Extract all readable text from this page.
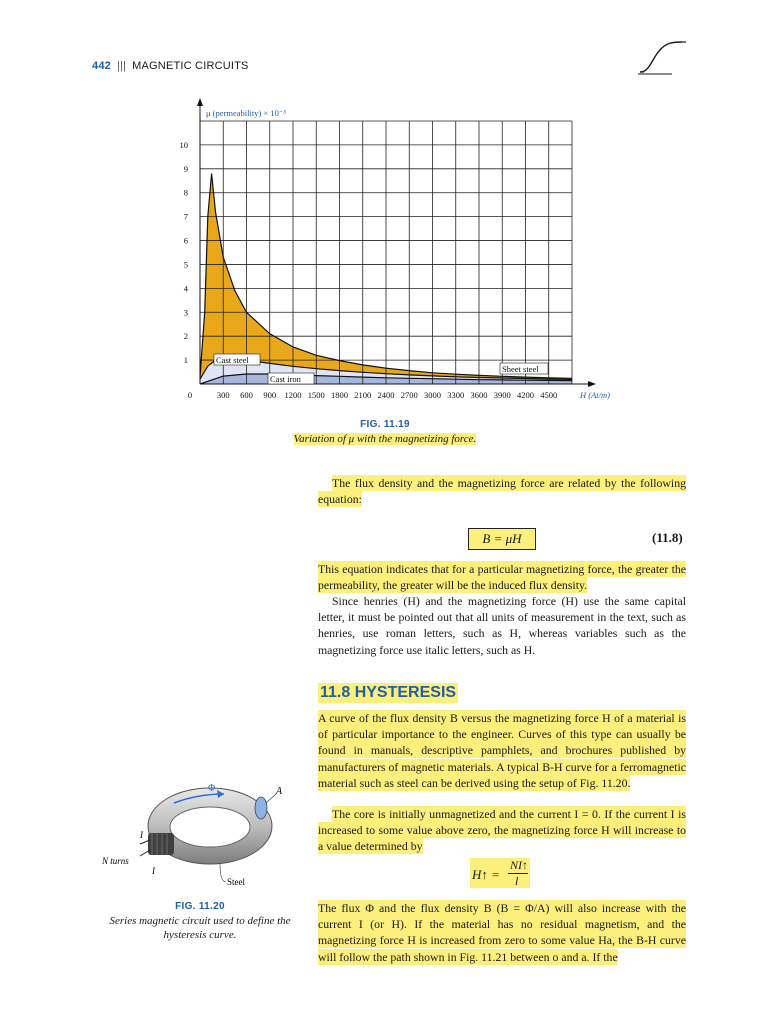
442 ||| MAGNETIC CIRCUITS
300 600 900 1200 1500 1800 2100 2400 2700 3000 3300 3600 3900 4200 4500
1
2
3
4
5
6
7
8
9
10
0	H (At/m)
μ (permeability) × 10⁻³
Cast steel
Cast iron
Sheet steel
FIG. 11.19
Variation of μ with the magnetizing force.

The flux density and the magnetizing force are related by the following equation:

B = μH	(11.8)

This equation indicates that for a particular magnetizing force, the greater the permeability, the greater will be the induced flux density.

Since henries (H) and the magnetizing force (H) use the same capital letter, it must be pointed out that all units of measurement in the text, such as henries, use roman letters, such as H, whereas variables such as the magnetizing force use italic letters, such as H.

11.8 HYSTERESIS

A curve of the flux density B versus the magnetizing force H of a material is of particular importance to the engineer. Curves of this type can usually be found in manuals, descriptive pamphlets, and brochures published by manufacturers of magnetic materials. A typical B-H curve for a ferromagnetic material such as steel can be derived using the setup of Fig. 11.20.

The core is initially unmagnetized and the current I = 0. If the current I is increased to some value above zero, the magnetizing force H will increase to a value determined by

H↑ =
NI↑
l

The flux Φ and the flux density B (B = Φ/A) will also increase with the current I (or H). If the material has no residual magnetism, and the magnetizing force H is increased from zero to some value Ha, the B-H curve will follow the path shown in Fig. 11.21 between o and a. If the

Φ	A
I
I
N turns
Steel
FIG. 11.20
Series magnetic circuit used to define the hysteresis curve.
